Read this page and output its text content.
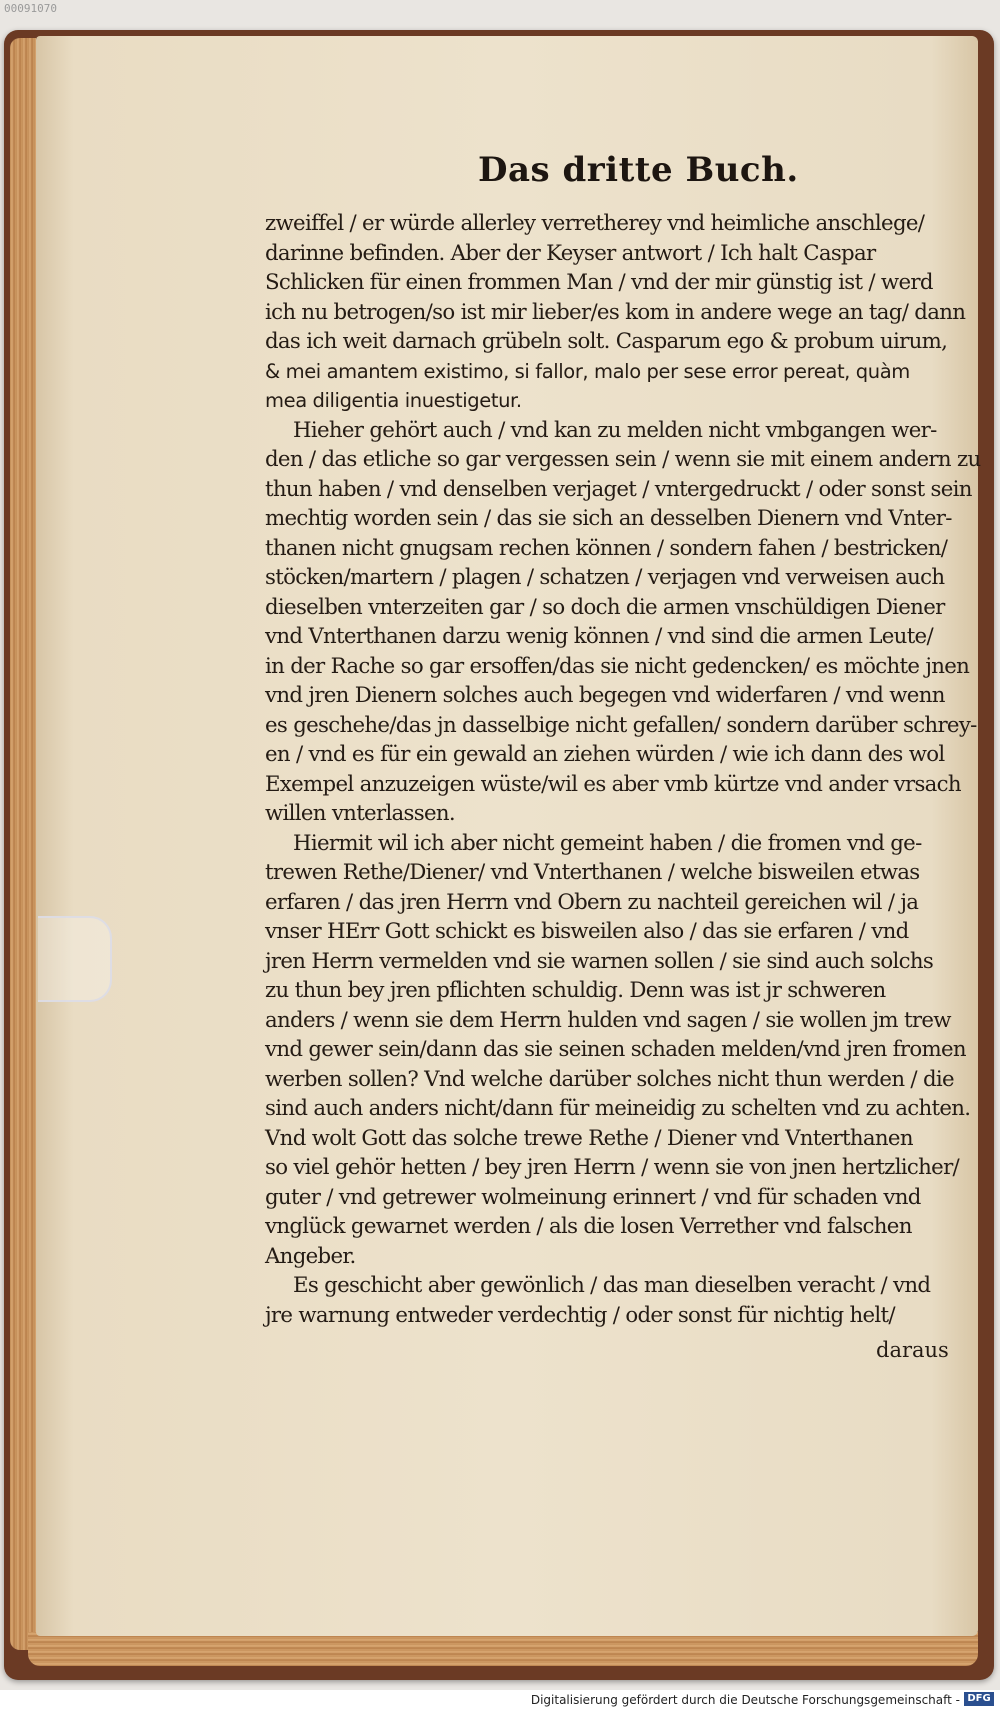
00091070
Das dritte Buch.
zweiffel / er würde allerley verretherey vnd heimliche anschlege/
darinne befinden. Aber der Keyser antwort / Ich halt Caspar
Schlicken für einen frommen Man / vnd der mir günstig ist / werd
ich nu betrogen/so ist mir lieber/es kom in andere wege an tag/ dann
das ich weit darnach grübeln solt. Casparum ego & probum uirum,
& mei amantem existimo, si fallor, malo per sese error pereat, quàm
mea diligentia inuestigetur.
Hieher gehört auch / vnd kan zu melden nicht vmbgangen wer-
den / das etliche so gar vergessen sein / wenn sie mit einem andern zu
thun haben / vnd denselben verjaget / vntergedruckt / oder sonst sein
mechtig worden sein / das sie sich an desselben Dienern vnd Vnter-
thanen nicht gnugsam rechen können / sondern fahen / bestricken/
stöcken/martern / plagen / schatzen / verjagen vnd verweisen auch
dieselben vnterzeiten gar / so doch die armen vnschüldigen Diener
vnd Vnterthanen darzu wenig können / vnd sind die armen Leute/
in der Rache so gar ersoffen/das sie nicht gedencken/ es möchte jnen
vnd jren Dienern solches auch begegen vnd widerfaren / vnd wenn
es geschehe/das jn dasselbige nicht gefallen/ sondern darüber schrey-
en / vnd es für ein gewald an ziehen würden / wie ich dann des wol
Exempel anzuzeigen wüste/wil es aber vmb kürtze vnd ander vrsach
willen vnterlassen.
Hiermit wil ich aber nicht gemeint haben / die fromen vnd ge-
trewen Rethe/Diener/ vnd Vnterthanen / welche bisweilen etwas
erfaren / das jren Herrn vnd Obern zu nachteil gereichen wil / ja
vnser HErr Gott schickt es bisweilen also / das sie erfaren / vnd
jren Herrn vermelden vnd sie warnen sollen / sie sind auch solchs
zu thun bey jren pflichten schuldig. Denn was ist jr schweren
anders / wenn sie dem Herrn hulden vnd sagen / sie wollen jm trew
vnd gewer sein/dann das sie seinen schaden melden/vnd jren fromen
werben sollen? Vnd welche darüber solches nicht thun werden / die
sind auch anders nicht/dann für meineidig zu schelten vnd zu achten.
Vnd wolt Gott das solche trewe Rethe / Diener vnd Vnterthanen
so viel gehör hetten / bey jren Herrn / wenn sie von jnen hertzlicher/
guter / vnd getrewer wolmeinung erinnert / vnd für schaden vnd
vnglück gewarnet werden / als die losen Verrether vnd falschen
Angeber.
Es geschicht aber gewönlich / das man dieselben veracht / vnd
jre warnung entweder verdechtig / oder sonst für nichtig helt/
daraus
Digitalisierung gefördert durch die Deutsche Forschungsgemeinschaft - DFG
